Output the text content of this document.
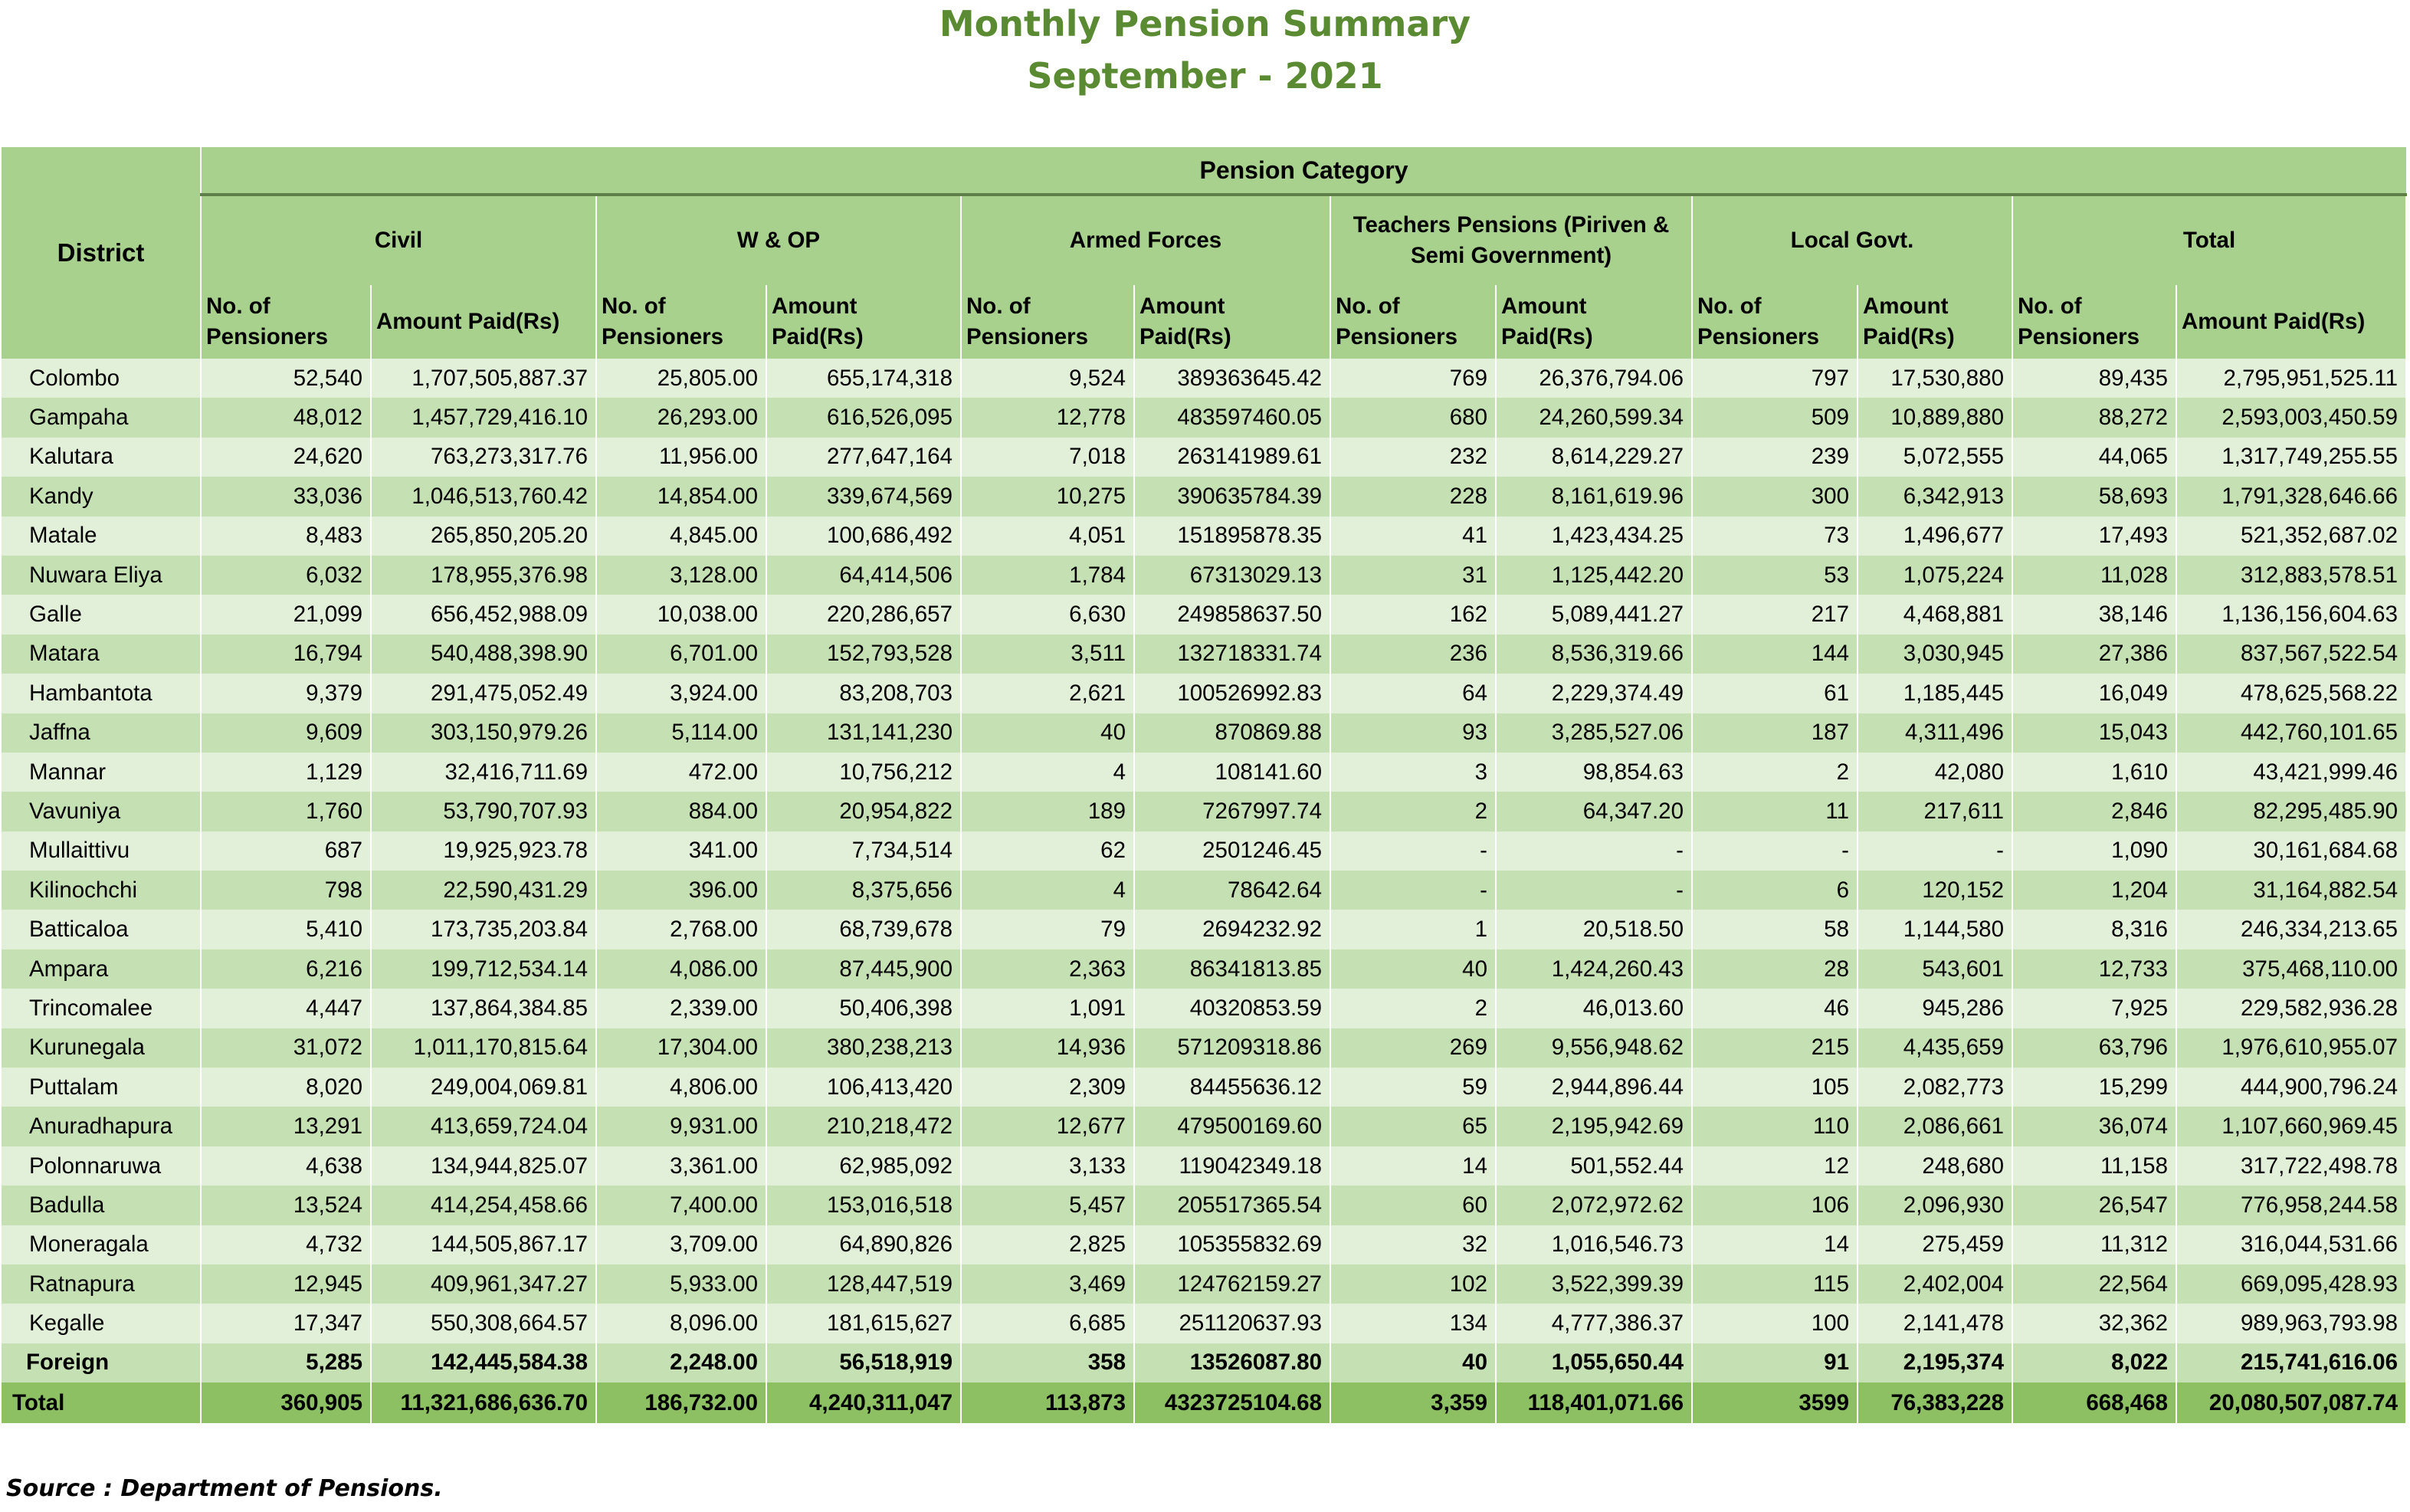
Monthly Pension Summary
September - 2021
District	Pension Category											
	Civil		W & OP		Armed Forces		Teachers Pensions (Piriven & Semi Government)		Local Govt.		Total	
	No. of Pensioners	Amount Paid(Rs)	No. of Pensioners	Amount Paid(Rs)	No. of Pensioners	Amount Paid(Rs)	No. of Pensioners	Amount Paid(Rs)	No. of Pensioners	Amount Paid(Rs)	No. of Pensioners	Amount Paid(Rs)
Colombo	52,540	1,707,505,887.37	25,805.00	655,174,318	9,524	389363645.42	769	26,376,794.06	797	17,530,880	89,435	2,795,951,525.11
Gampaha	48,012	1,457,729,416.10	26,293.00	616,526,095	12,778	483597460.05	680	24,260,599.34	509	10,889,880	88,272	2,593,003,450.59
Kalutara	24,620	763,273,317.76	11,956.00	277,647,164	7,018	263141989.61	232	8,614,229.27	239	5,072,555	44,065	1,317,749,255.55
Kandy	33,036	1,046,513,760.42	14,854.00	339,674,569	10,275	390635784.39	228	8,161,619.96	300	6,342,913	58,693	1,791,328,646.66
Matale	8,483	265,850,205.20	4,845.00	100,686,492	4,051	151895878.35	41	1,423,434.25	73	1,496,677	17,493	521,352,687.02
Nuwara Eliya	6,032	178,955,376.98	3,128.00	64,414,506	1,784	67313029.13	31	1,125,442.20	53	1,075,224	11,028	312,883,578.51
Galle	21,099	656,452,988.09	10,038.00	220,286,657	6,630	249858637.50	162	5,089,441.27	217	4,468,881	38,146	1,136,156,604.63
Matara	16,794	540,488,398.90	6,701.00	152,793,528	3,511	132718331.74	236	8,536,319.66	144	3,030,945	27,386	837,567,522.54
Hambantota	9,379	291,475,052.49	3,924.00	83,208,703	2,621	100526992.83	64	2,229,374.49	61	1,185,445	16,049	478,625,568.22
Jaffna	9,609	303,150,979.26	5,114.00	131,141,230	40	870869.88	93	3,285,527.06	187	4,311,496	15,043	442,760,101.65
Mannar	1,129	32,416,711.69	472.00	10,756,212	4	108141.60	3	98,854.63	2	42,080	1,610	43,421,999.46
Vavuniya	1,760	53,790,707.93	884.00	20,954,822	189	7267997.74	2	64,347.20	11	217,611	2,846	82,295,485.90
Mullaittivu	687	19,925,923.78	341.00	7,734,514	62	2501246.45	-	-	-	-	1,090	30,161,684.68
Kilinochchi	798	22,590,431.29	396.00	8,375,656	4	78642.64	-	-	6	120,152	1,204	31,164,882.54
Batticaloa	5,410	173,735,203.84	2,768.00	68,739,678	79	2694232.92	1	20,518.50	58	1,144,580	8,316	246,334,213.65
Ampara	6,216	199,712,534.14	4,086.00	87,445,900	2,363	86341813.85	40	1,424,260.43	28	543,601	12,733	375,468,110.00
Trincomalee	4,447	137,864,384.85	2,339.00	50,406,398	1,091	40320853.59	2	46,013.60	46	945,286	7,925	229,582,936.28
Kurunegala	31,072	1,011,170,815.64	17,304.00	380,238,213	14,936	571209318.86	269	9,556,948.62	215	4,435,659	63,796	1,976,610,955.07
Puttalam	8,020	249,004,069.81	4,806.00	106,413,420	2,309	84455636.12	59	2,944,896.44	105	2,082,773	15,299	444,900,796.24
Anuradhapura	13,291	413,659,724.04	9,931.00	210,218,472	12,677	479500169.60	65	2,195,942.69	110	2,086,661	36,074	1,107,660,969.45
Polonnaruwa	4,638	134,944,825.07	3,361.00	62,985,092	3,133	119042349.18	14	501,552.44	12	248,680	11,158	317,722,498.78
Badulla	13,524	414,254,458.66	7,400.00	153,016,518	5,457	205517365.54	60	2,072,972.62	106	2,096,930	26,547	776,958,244.58
Moneragala	4,732	144,505,867.17	3,709.00	64,890,826	2,825	105355832.69	32	1,016,546.73	14	275,459	11,312	316,044,531.66
Ratnapura	12,945	409,961,347.27	5,933.00	128,447,519	3,469	124762159.27	102	3,522,399.39	115	2,402,004	22,564	669,095,428.93
Kegalle	17,347	550,308,664.57	8,096.00	181,615,627	6,685	251120637.93	134	4,777,386.37	100	2,141,478	32,362	989,963,793.98
Foreign	5,285	142,445,584.38	2,248.00	56,518,919	358	13526087.80	40	1,055,650.44	91	2,195,374	8,022	215,741,616.06
Total	360,905	11,321,686,636.70	186,732.00	4,240,311,047	113,873	4323725104.68	3,359	118,401,071.66	3599	76,383,228	668,468	20,080,507,087.74
Source : Department of Pensions.
